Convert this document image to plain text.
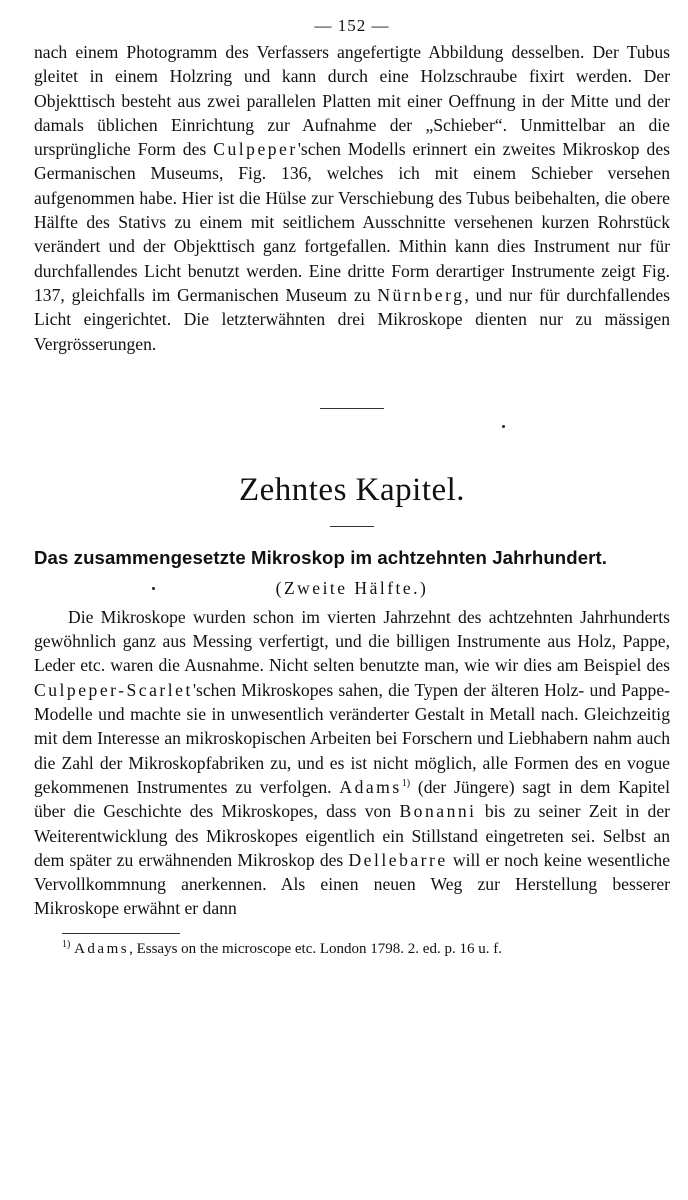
— 152 —

nach einem Photogramm des Verfassers angefertigte Abbildung desselben. Der Tubus gleitet in einem Holzring und kann durch eine Holzschraube fixirt werden. Der Objekttisch besteht aus zwei parallelen Platten mit einer Oeffnung in der Mitte und der damals üblichen Einrichtung zur Aufnahme der „Schieber“. Unmittelbar an die ursprüngliche Form des Culpeper'schen Modells erinnert ein zweites Mikroskop des Germanischen Museums, Fig. 136, welches ich mit einem Schieber versehen aufgenommen habe. Hier ist die Hülse zur Verschiebung des Tubus beibehalten, die obere Hälfte des Stativs zu einem mit seitlichem Ausschnitte versehenen kurzen Rohrstück verändert und der Objekttisch ganz fortgefallen. Mithin kann dies Instrument nur für durchfallendes Licht benutzt werden. Eine dritte Form derartiger Instrumente zeigt Fig. 137, gleichfalls im Germanischen Museum zu Nürnberg, und nur für durchfallendes Licht eingerichtet. Die letzterwähnten drei Mikroskope dienten nur zu mässigen Vergrösserungen.

Zehntes Kapitel.
Das zusammengesetzte Mikroskop im achtzehnten Jahrhundert.
(Zweite Hälfte.)

Die Mikroskope wurden schon im vierten Jahrzehnt des achtzehnten Jahrhunderts gewöhnlich ganz aus Messing verfertigt, und die billigen Instrumente aus Holz, Pappe, Leder etc. waren die Ausnahme. Nicht selten benutzte man, wie wir dies am Beispiel des Culpeper-Scarlet'schen Mikroskopes sahen, die Typen der älteren Holz- und Pappe-Modelle und machte sie in unwesentlich veränderter Gestalt in Metall nach. Gleichzeitig mit dem Interesse an mikroskopischen Arbeiten bei Forschern und Liebhabern nahm auch die Zahl der Mikroskopfabriken zu, und es ist nicht möglich, alle Formen des en vogue gekommenen Instrumentes zu verfolgen. Adams$^{1)}$ (der Jüngere) sagt in dem Kapitel über die Geschichte des Mikroskopes, dass von Bonanni bis zu seiner Zeit in der Weiterentwicklung des Mikroskopes eigentlich ein Stillstand eingetreten sei. Selbst an dem später zu erwähnenden Mikroskop des Dellebarre will er noch keine wesentliche Vervollkommnung anerkennen. Als einen neuen Weg zur Herstellung besserer Mikroskope erwähnt er dann

$^{1)}$ Adams, Essays on the microscope etc. London 1798. 2. ed. p. 16 u. f.
